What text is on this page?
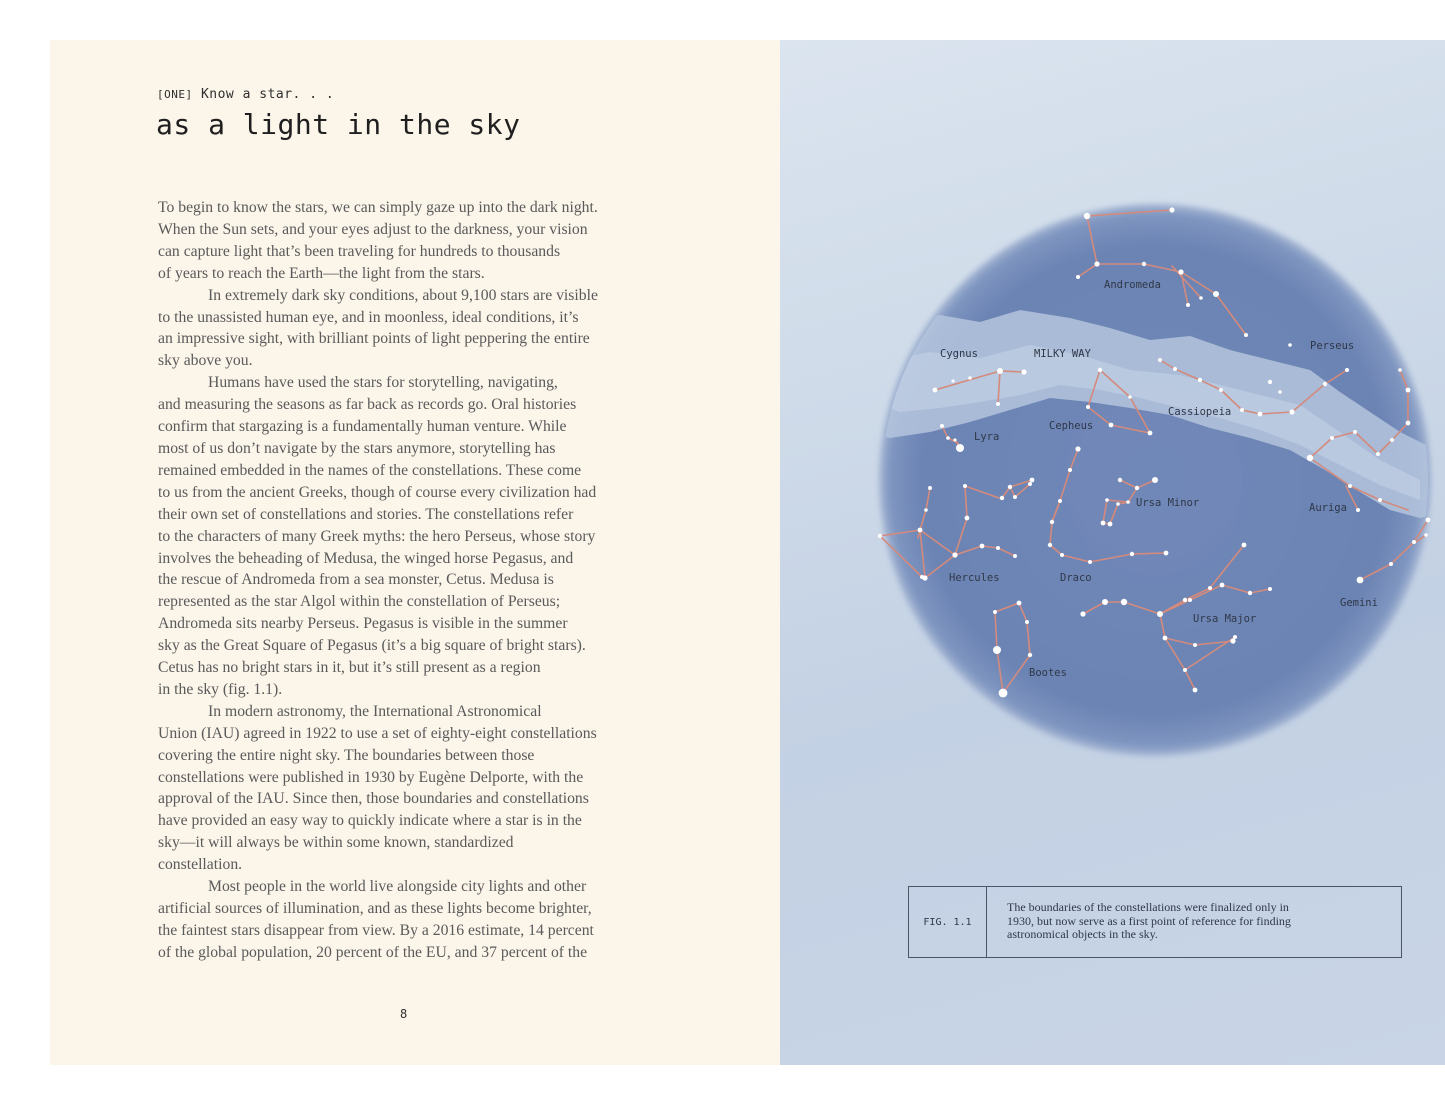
[ONE] Know a star. . .
as a light in the sky
To begin to know the stars, we can simply gaze up into the dark night.
When the Sun sets, and your eyes adjust to the darkness, your vision
can capture light that’s been traveling for hundreds to thousands
of years to reach the Earth—the light from the stars.
In extremely dark sky conditions, about 9,100 stars are visible
to the unassisted human eye, and in moonless, ideal conditions, it’s
an impressive sight, with brilliant points of light peppering the entire
sky above you.
Humans have used the stars for storytelling, navigating,
and measuring the seasons as far back as records go. Oral histories
confirm that stargazing is a fundamentally human venture. While
most of us don’t navigate by the stars anymore, storytelling has
remained embedded in the names of the constellations. These come
to us from the ancient Greeks, though of course every civilization had
their own set of constellations and stories. The constellations refer
to the characters of many Greek myths: the hero Perseus, whose story
involves the beheading of Medusa, the winged horse Pegasus, and
the rescue of Andromeda from a sea monster, Cetus. Medusa is
represented as the star Algol within the constellation of Perseus;
Andromeda sits nearby Perseus. Pegasus is visible in the summer
sky as the Great Square of Pegasus (it’s a big square of bright stars).
Cetus has no bright stars in it, but it’s still present as a region
in the sky (fig. 1.1).
In modern astronomy, the International Astronomical
Union (IAU) agreed in 1922 to use a set of eighty-eight constellations
covering the entire night sky. The boundaries between those
constellations were published in 1930 by Eugène Delporte, with the
approval of the IAU. Since then, those boundaries and constellations
have provided an easy way to quickly indicate where a star is in the
sky—it will always be within some known, standardized
constellation.
Most people in the world live alongside city lights and other
artificial sources of illumination, and as these lights become brighter,
the faintest stars disappear from view. By a 2016 estimate, 14 percent
of the global population, 20 percent of the EU, and 37 percent of the
8
Andromeda
Perseus
Cygnus	MILKY WAY
Cassiopeia
Cepheus
Lyra
Ursa Minor	Auriga
Hercules	Draco
Gemini
Ursa Major
Bootes
FIG. 1.1
The boundaries of the constellations were finalized only in 1930, but now serve as a first point of reference for finding astronomical objects in the sky.
